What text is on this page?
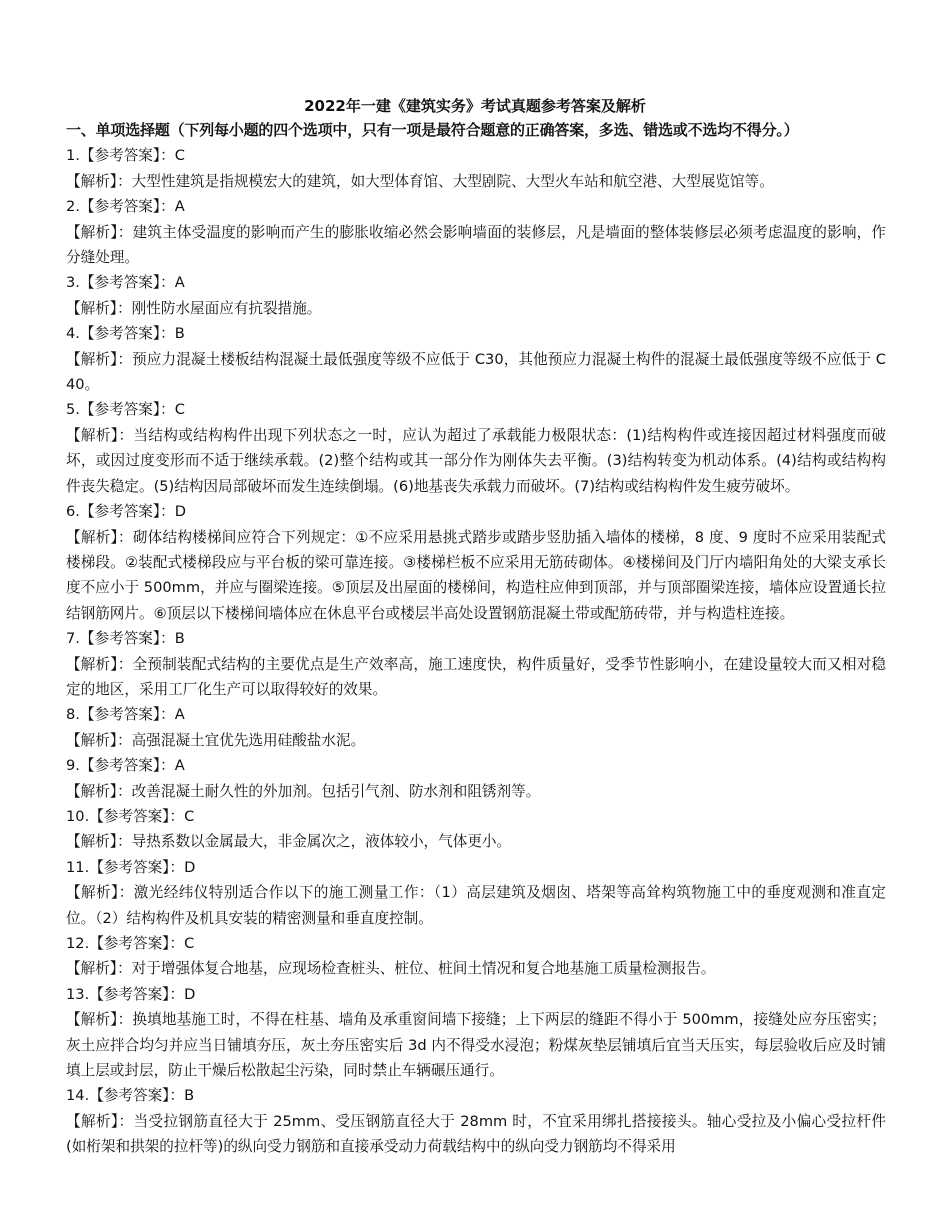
2022年一建《建筑实务》考试真题参考答案及解析
一、单项选择题（下列每小题的四个选项中，只有一项是最符合题意的正确答案，多选、错选或不选均不得分。）
1.【参考答案】：C
【解析】：大型性建筑是指规模宏大的建筑，如大型体育馆、大型剧院、大型火车站和航空港、大型展览馆等。
2.【参考答案】：A
【解析】：建筑主体受温度的影响而产生的膨胀收缩必然会影响墙面的装修层，凡是墙面的整体装修层必须考虑温度的影响，作分缝处理。
3.【参考答案】：A
【解析】：刚性防水屋面应有抗裂措施。
4.【参考答案】：B
【解析】：预应力混凝土楼板结构混凝土最低强度等级不应低于 C30，其他预应力混凝土构件的混凝土最低强度等级不应低于 C40。
5.【参考答案】：C
【解析】：当结构或结构构件出现下列状态之一时，应认为超过了承载能力极限状态：(1)结构构件或连接因超过材料强度而破坏，或因过度变形而不适于继续承载。(2)整个结构或其一部分作为刚体失去平衡。(3)结构转变为机动体系。(4)结构或结构构件丧失稳定。(5)结构因局部破坏而发生连续倒塌。(6)地基丧失承载力而破坏。(7)结构或结构构件发生疲劳破坏。
6.【参考答案】：D
【解析】：砌体结构楼梯间应符合下列规定：①不应采用悬挑式踏步或踏步竖肋插入墙体的楼梯，8 度、9 度时不应采用装配式楼梯段。②装配式楼梯段应与平台板的梁可靠连接。③楼梯栏板不应采用无筋砖砌体。④楼梯间及门厅内墙阳角处的大梁支承长度不应小于 500mm，并应与圈梁连接。⑤顶层及出屋面的楼梯间，构造柱应伸到顶部，并与顶部圈梁连接，墙体应设置通长拉结钢筋网片。⑥顶层以下楼梯间墙体应在休息平台或楼层半高处设置钢筋混凝土带或配筋砖带，并与构造柱连接。
7.【参考答案】：B
【解析】：全预制装配式结构的主要优点是生产效率高，施工速度快，构件质量好，受季节性影响小，在建设量较大而又相对稳定的地区，采用工厂化生产可以取得较好的效果。
8.【参考答案】：A
【解析】：高强混凝土宜优先选用硅酸盐水泥。
9.【参考答案】：A
【解析】：改善混凝土耐久性的外加剂。包括引气剂、防水剂和阻锈剂等。
10.【参考答案】：C
【解析】：导热系数以金属最大，非金属次之，液体较小，气体更小。
11.【参考答案】：D
【解析】：激光经纬仪特别适合作以下的施工测量工作：（1）高层建筑及烟囱、塔架等高耸构筑物施工中的垂度观测和准直定位。（2）结构构件及机具安装的精密测量和垂直度控制。
12.【参考答案】：C
【解析】：对于增强体复合地基，应现场检查桩头、桩位、桩间土情况和复合地基施工质量检测报告。
13.【参考答案】：D
【解析】：换填地基施工时，不得在柱基、墙角及承重窗间墙下接缝；上下两层的缝距不得小于 500mm，接缝处应夯压密实；灰土应拌合均匀并应当日铺填夯压，灰土夯压密实后 3d 内不得受水浸泡；粉煤灰垫层铺填后宜当天压实，每层验收后应及时铺填上层或封层，防止干燥后松散起尘污染，同时禁止车辆碾压通行。
14.【参考答案】：B
【解析】：当受拉钢筋直径大于 25mm、受压钢筋直径大于 28mm 时，不宜采用绑扎搭接接头。轴心受拉及小偏心受拉杆件(如桁架和拱架的拉杆等)的纵向受力钢筋和直接承受动力荷载结构中的纵向受力钢筋均不得采用
